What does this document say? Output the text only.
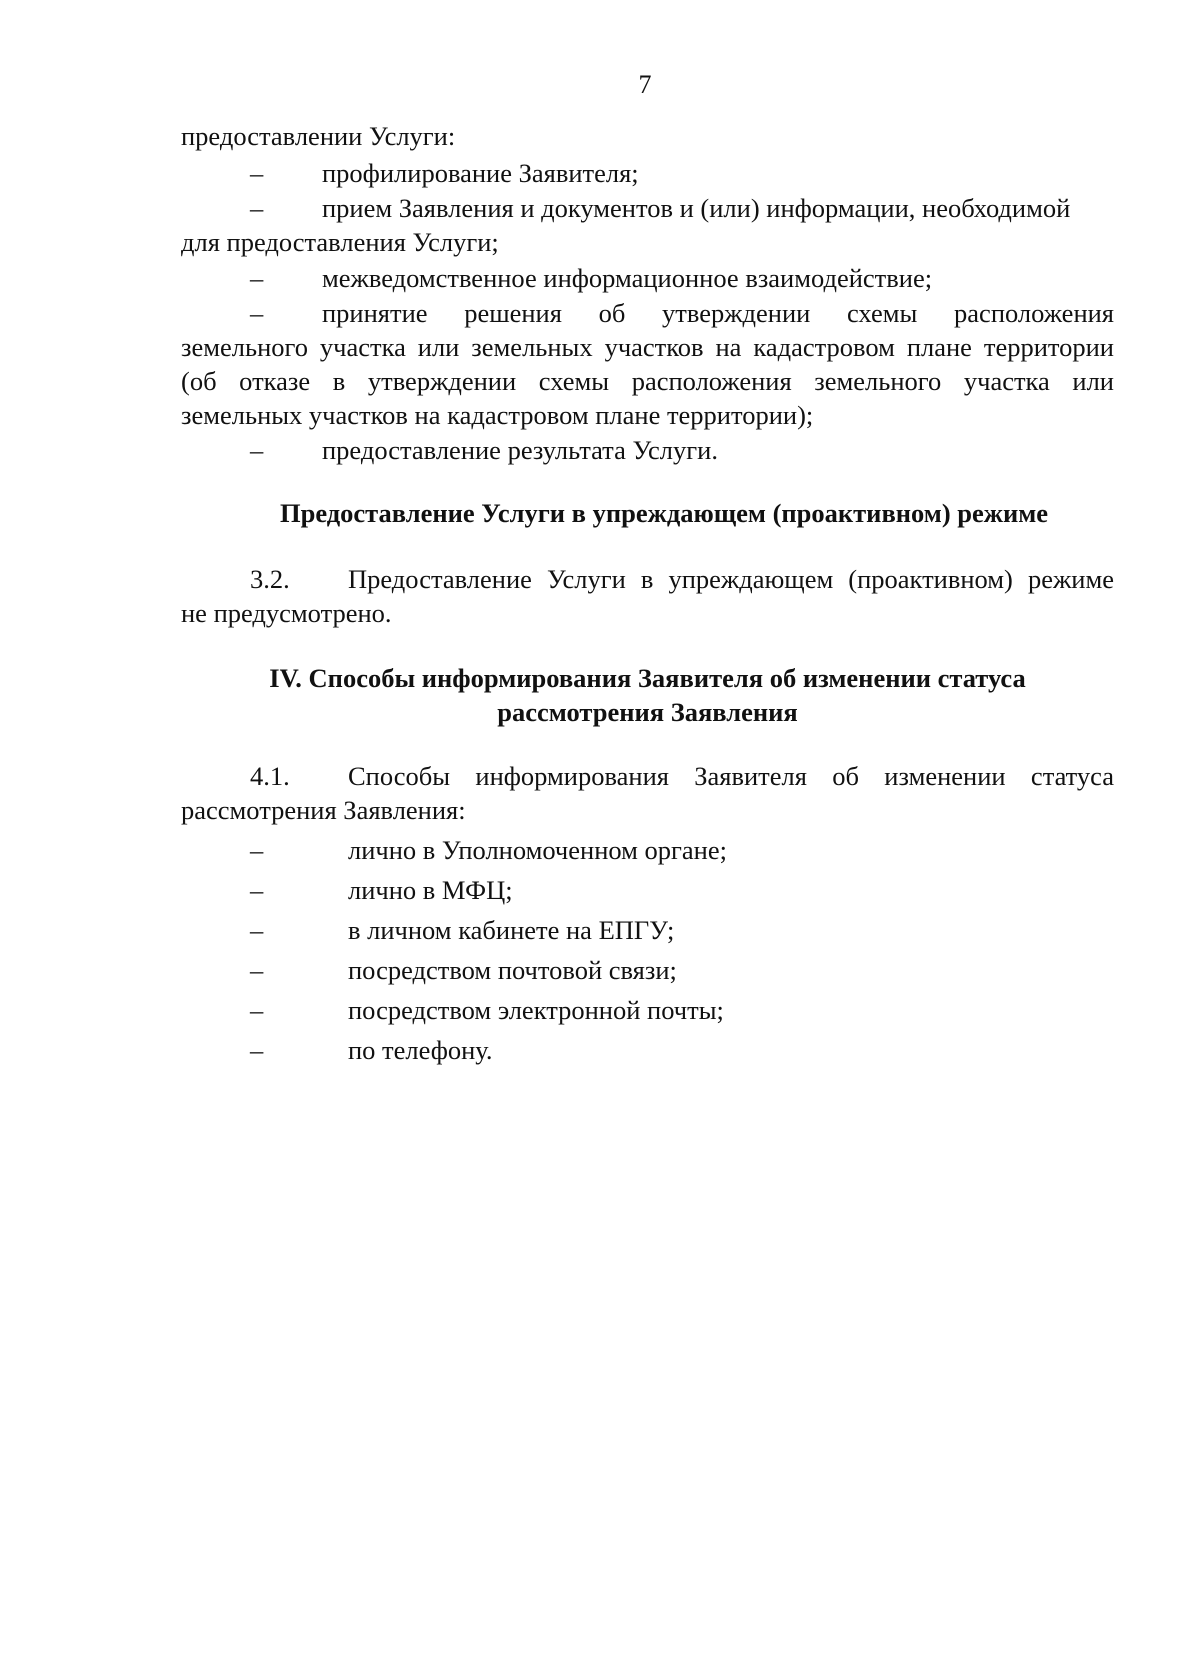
7
предоставлении Услуги:
– профилирование Заявителя;
– прием Заявления и документов и (или) информации, необходимой
для предоставления Услуги;
– межведомственное информационное взаимодействие;
– принятие решения об утверждении схемы расположения
земельного участка или земельных участков на кадастровом плане территории
(об отказе в утверждении схемы расположения земельного участка или
земельных участков на кадастровом плане территории);
– предоставление результата Услуги.
Предоставление Услуги в упреждающем (проактивном) режиме
3.2. Предоставление Услуги в упреждающем (проактивном) режиме
не предусмотрено.
IV. Способы информирования Заявителя об изменении статуса
рассмотрения Заявления
4.1. Способы информирования Заявителя об изменении статуса
рассмотрения Заявления:
–	лично в Уполномоченном органе;
–	лично в МФЦ;
–	в личном кабинете на ЕПГУ;
–	посредством почтовой связи;
–	посредством электронной почты;
–	по телефону.
